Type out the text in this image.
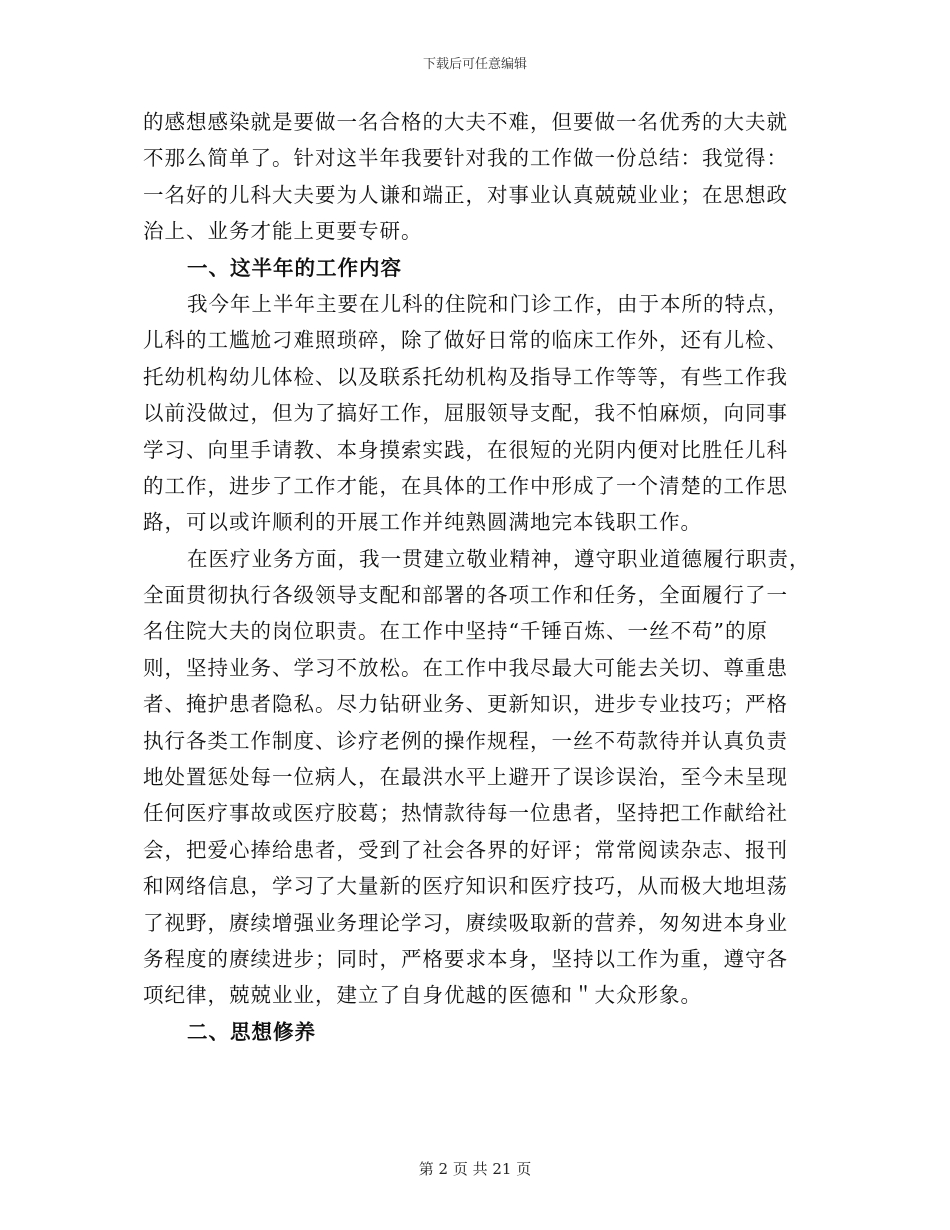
下载后可任意编辑
的感想感染就是要做一名合格的大夫不难，但要做一名优秀的大夫就
不那么简单了。针对这半年我要针对我的工作做一份总结：我觉得：
一名好的儿科大夫要为人谦和端正，对事业认真兢兢业业；在思想政
治上、业务才能上更要专研。
一、这半年的工作内容
我今年上半年主要在儿科的住院和门诊工作，由于本所的特点，
儿科的工尴尬刁难照琐碎，除了做好日常的临床工作外，还有儿检、
托幼机构幼儿体检、以及联系托幼机构及指导工作等等，有些工作我
以前没做过，但为了搞好工作，屈服领导支配，我不怕麻烦，向同事
学习、向里手请教、本身摸索实践，在很短的光阴内便对比胜任儿科
的工作，进步了工作才能，在具体的工作中形成了一个清楚的工作思
路，可以或许顺利的开展工作并纯熟圆满地完本钱职工作。
在医疗业务方面，我一贯建立敬业精神，遵守职业道德履行职责，
全面贯彻执行各级领导支配和部署的各项工作和任务，全面履行了一
名住院大夫的岗位职责。在工作中坚持“千锤百炼、一丝不苟”的原
则，坚持业务、学习不放松。在工作中我尽最大可能去关切、尊重患
者、掩护患者隐私。尽力钻研业务、更新知识，进步专业技巧；严格
执行各类工作制度、诊疗老例的操作规程，一丝不苟款待并认真负责
地处置惩处每一位病人，在最洪水平上避开了误诊误治，至今未呈现
任何医疗事故或医疗胶葛；热情款待每一位患者，坚持把工作献给社
会，把爱心捧给患者，受到了社会各界的好评；常常阅读杂志、报刊
和网络信息，学习了大量新的医疗知识和医疗技巧，从而极大地坦荡
了视野，赓续增强业务理论学习，赓续吸取新的营养，匆匆进本身业
务程度的赓续进步；同时，严格要求本身，坚持以工作为重，遵守各
项纪律，兢兢业业，建立了自身优越的医德和＂大众形象。
二、思想修养
第 2 页 共 21 页
